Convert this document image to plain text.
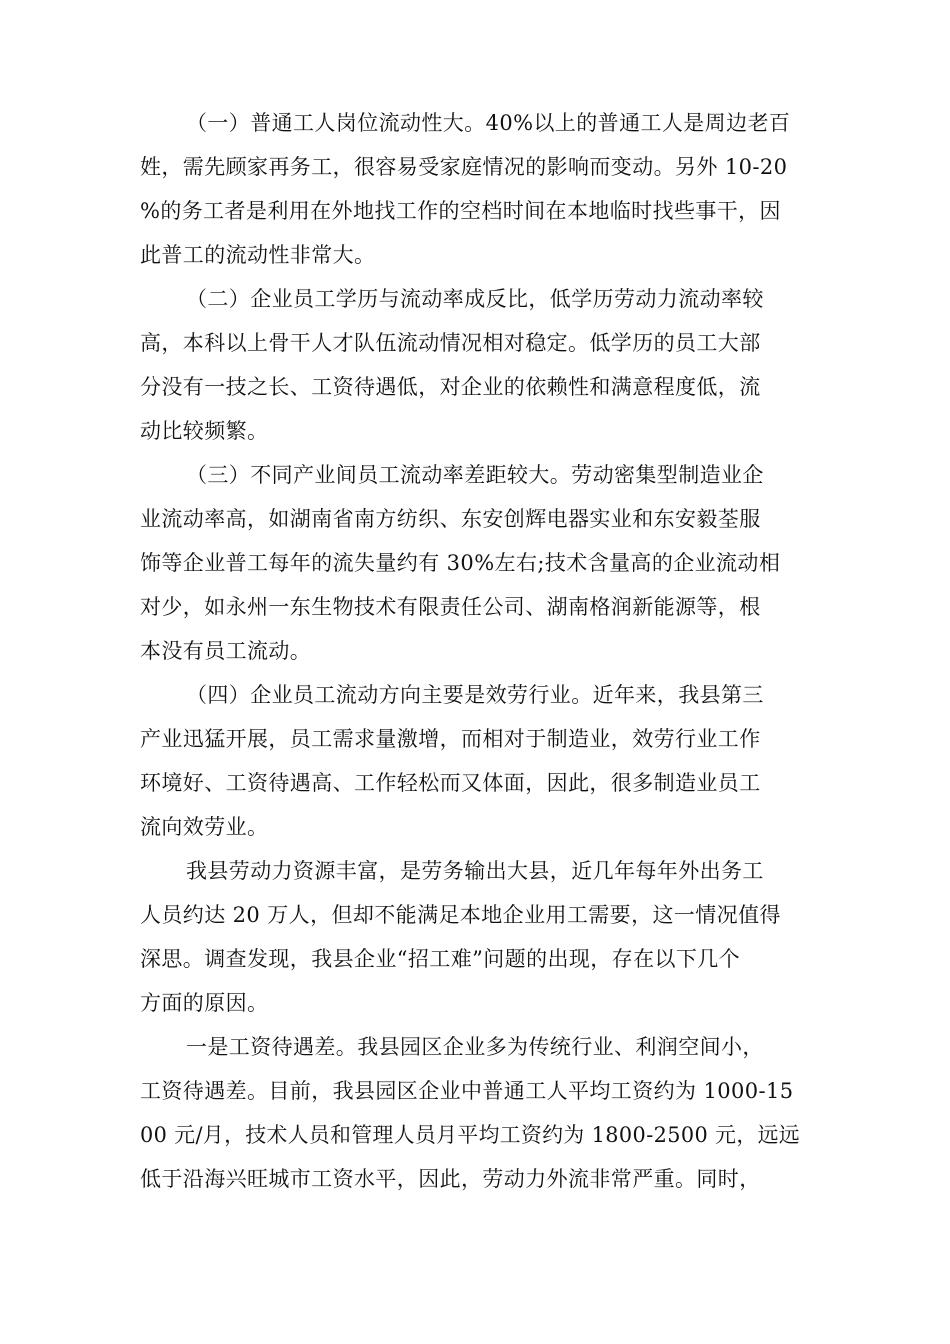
（一）普通工人岗位流动性大。40%以上的普通工人是周边老百
姓，需先顾家再务工，很容易受家庭情况的影响而变动。另外 10-20
%的务工者是利用在外地找工作的空档时间在本地临时找些事干，因
此普工的流动性非常大。
（二）企业员工学历与流动率成反比，低学历劳动力流动率较
高，本科以上骨干人才队伍流动情况相对稳定。低学历的员工大部
分没有一技之长、工资待遇低，对企业的依赖性和满意程度低，流
动比较频繁。
（三）不同产业间员工流动率差距较大。劳动密集型制造业企
业流动率高，如湖南省南方纺织、东安创辉电器实业和东安毅荃服
饰等企业普工每年的流失量约有 30%左右;技术含量高的企业流动相
对少，如永州一东生物技术有限责任公司、湖南格润新能源等，根
本没有员工流动。
（四）企业员工流动方向主要是效劳行业。近年来，我县第三
产业迅猛开展，员工需求量激增，而相对于制造业，效劳行业工作
环境好、工资待遇高、工作轻松而又体面，因此，很多制造业员工
流向效劳业。
我县劳动力资源丰富，是劳务输出大县，近几年每年外出务工
人员约达 20 万人，但却不能满足本地企业用工需要，这一情况值得
深思。调查发现，我县企业“招工难”问题的出现，存在以下几个
方面的原因。
一是工资待遇差。我县园区企业多为传统行业、利润空间小，
工资待遇差。目前，我县园区企业中普通工人平均工资约为 1000-15
00 元/月，技术人员和管理人员月平均工资约为 1800-2500 元，远远
低于沿海兴旺城市工资水平，因此，劳动力外流非常严重。同时，
